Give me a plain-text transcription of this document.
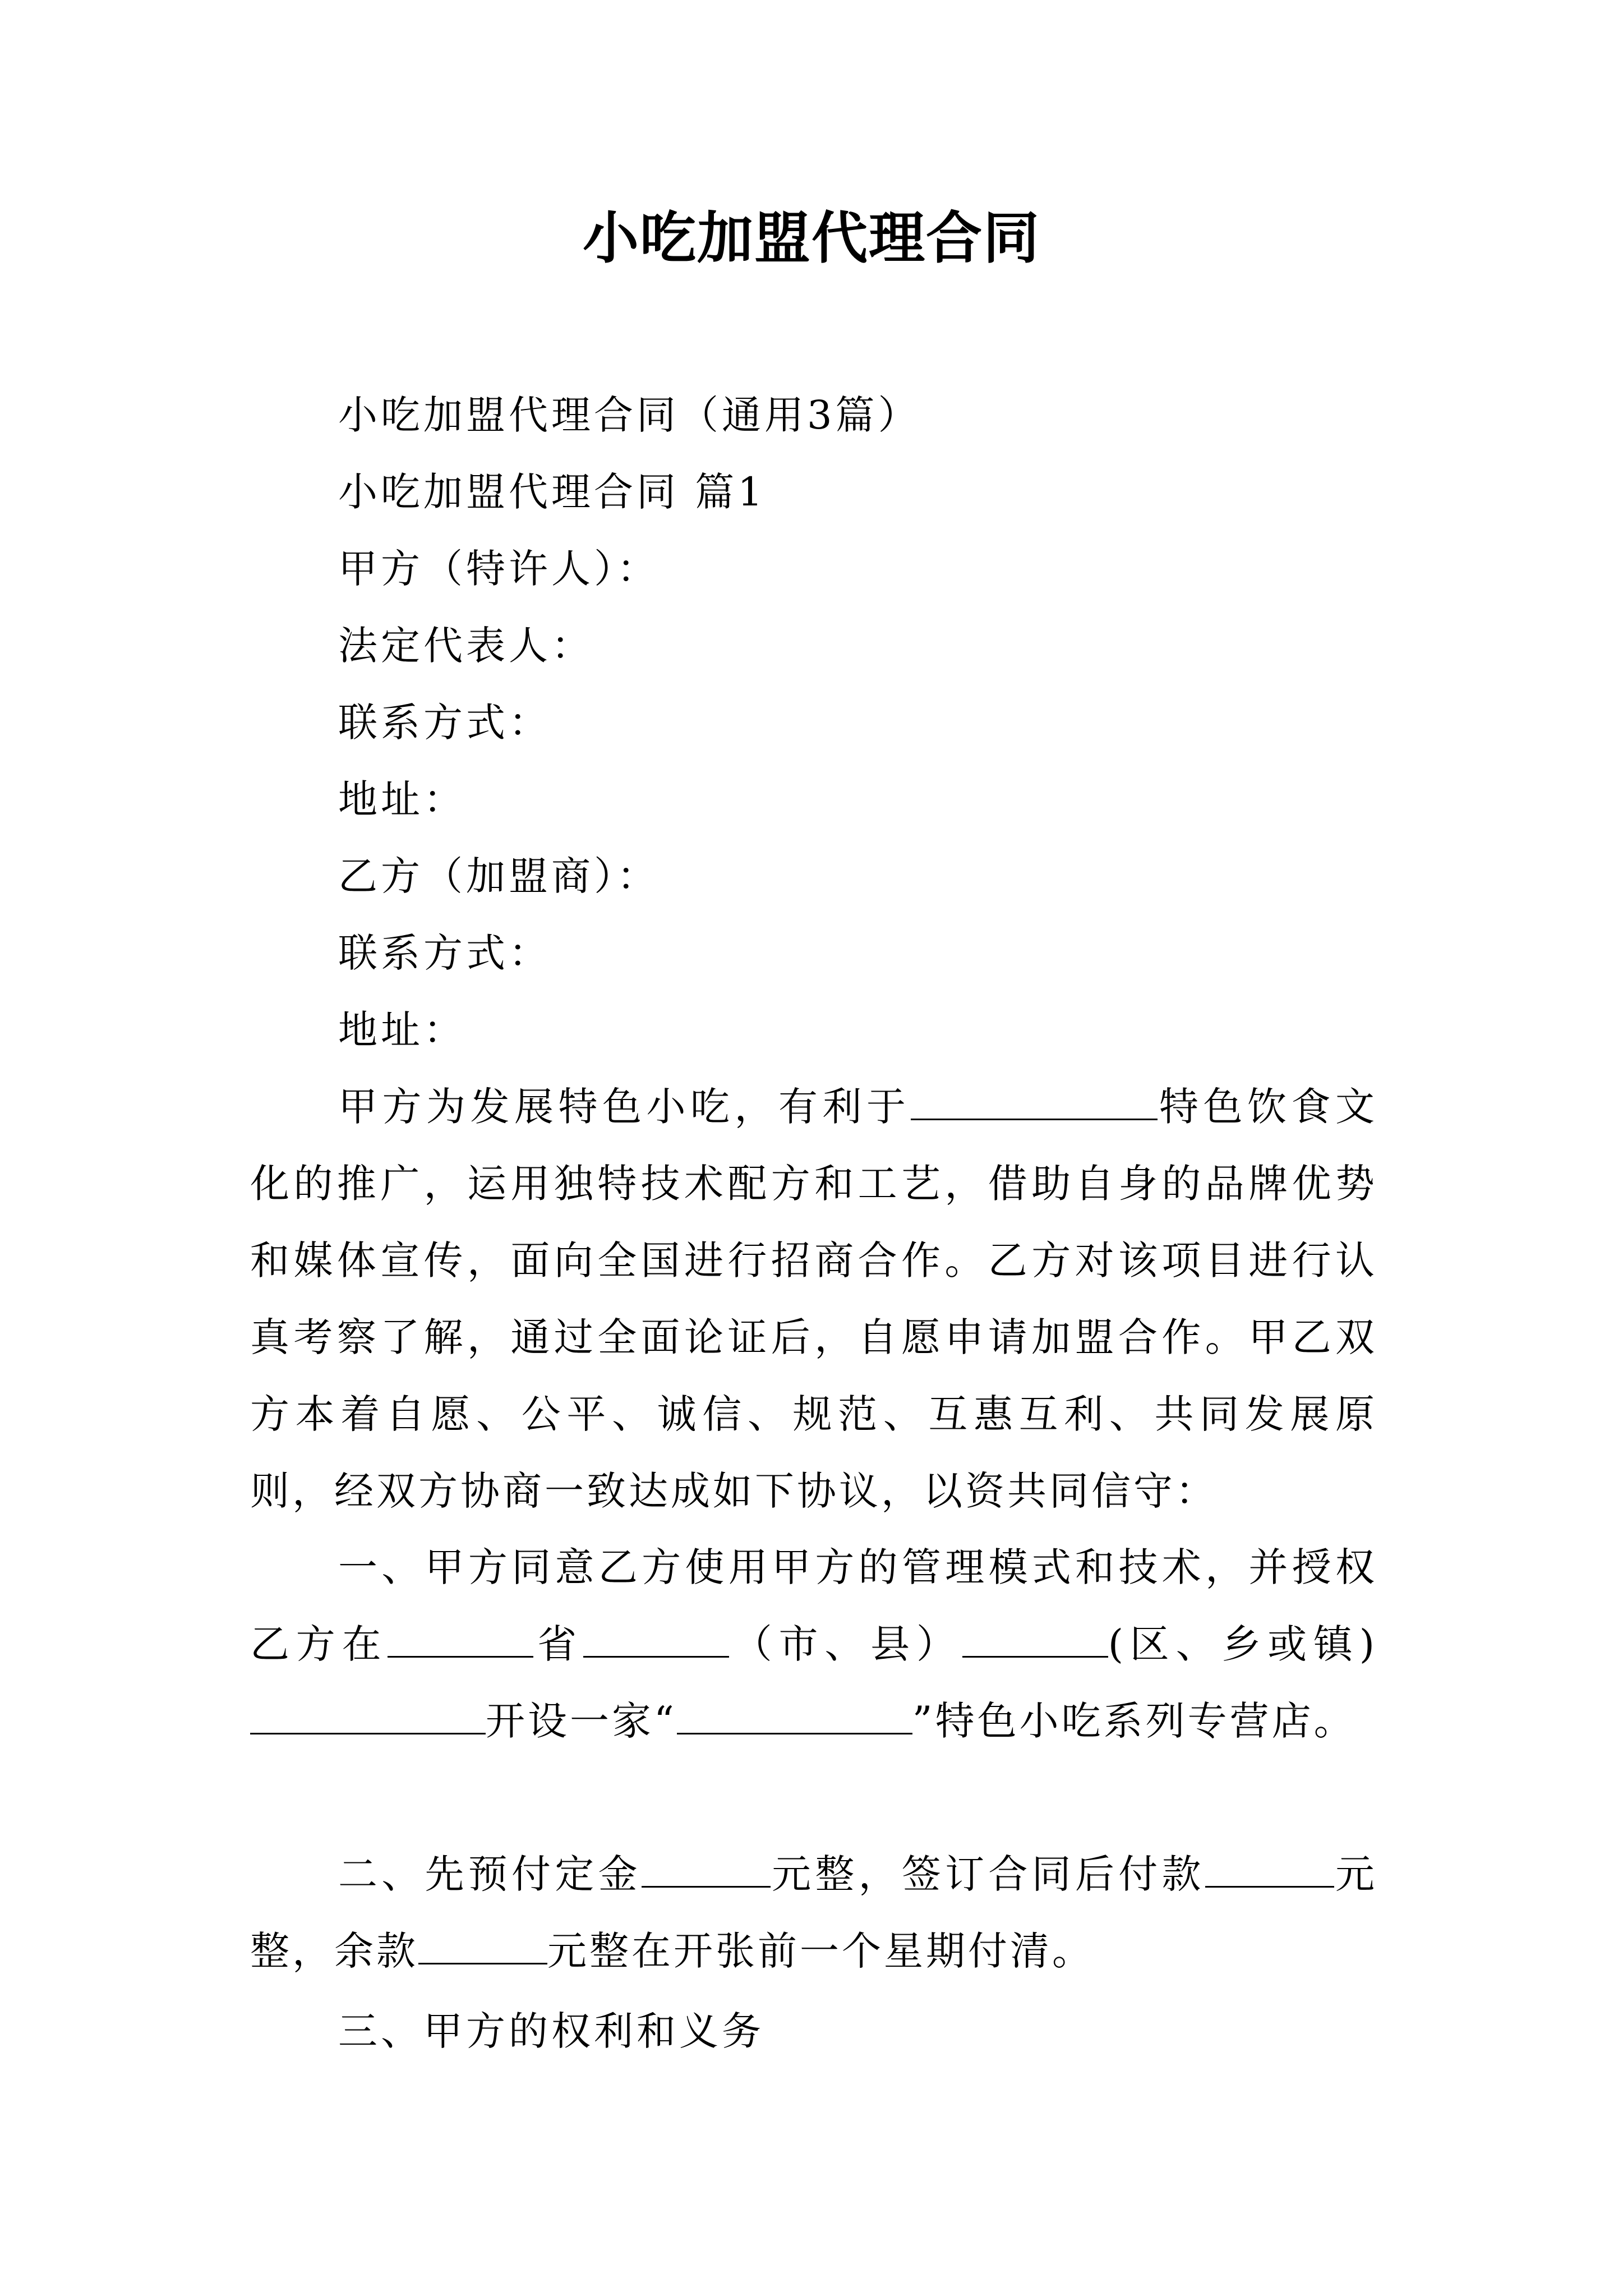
小吃加盟代理合同
小吃加盟代理合同（通用3篇）
小吃加盟代理合同 篇1
甲方（特许人）：
法定代表人：
联系方式：
地址：
乙方（加盟商）：
联系方式：
地址：
甲方为发展特色小吃，有利于	特色饮食文化的推广，运用独特技术配方和工艺，借助自身的品牌优势和媒体宣传，面向全国进行招商合作。乙方对该项目进行认真考察了解，通过全面论证后，自愿申请加盟合作。甲乙双方本着自愿、公平、诚信、规范、互惠互利、共同发展原则，经双方协商一致达成如下协议，以资共同信守：
一、甲方同意乙方使用甲方的管理模式和技术，并授权乙方在	省	（市、县）	(区、乡或镇)开设一家“	”特色小吃系列专营店。
二、先预付定金	元整，签订合同后付款	元整，余款	元整在开张前一个星期付清。
三、甲方的权利和义务
